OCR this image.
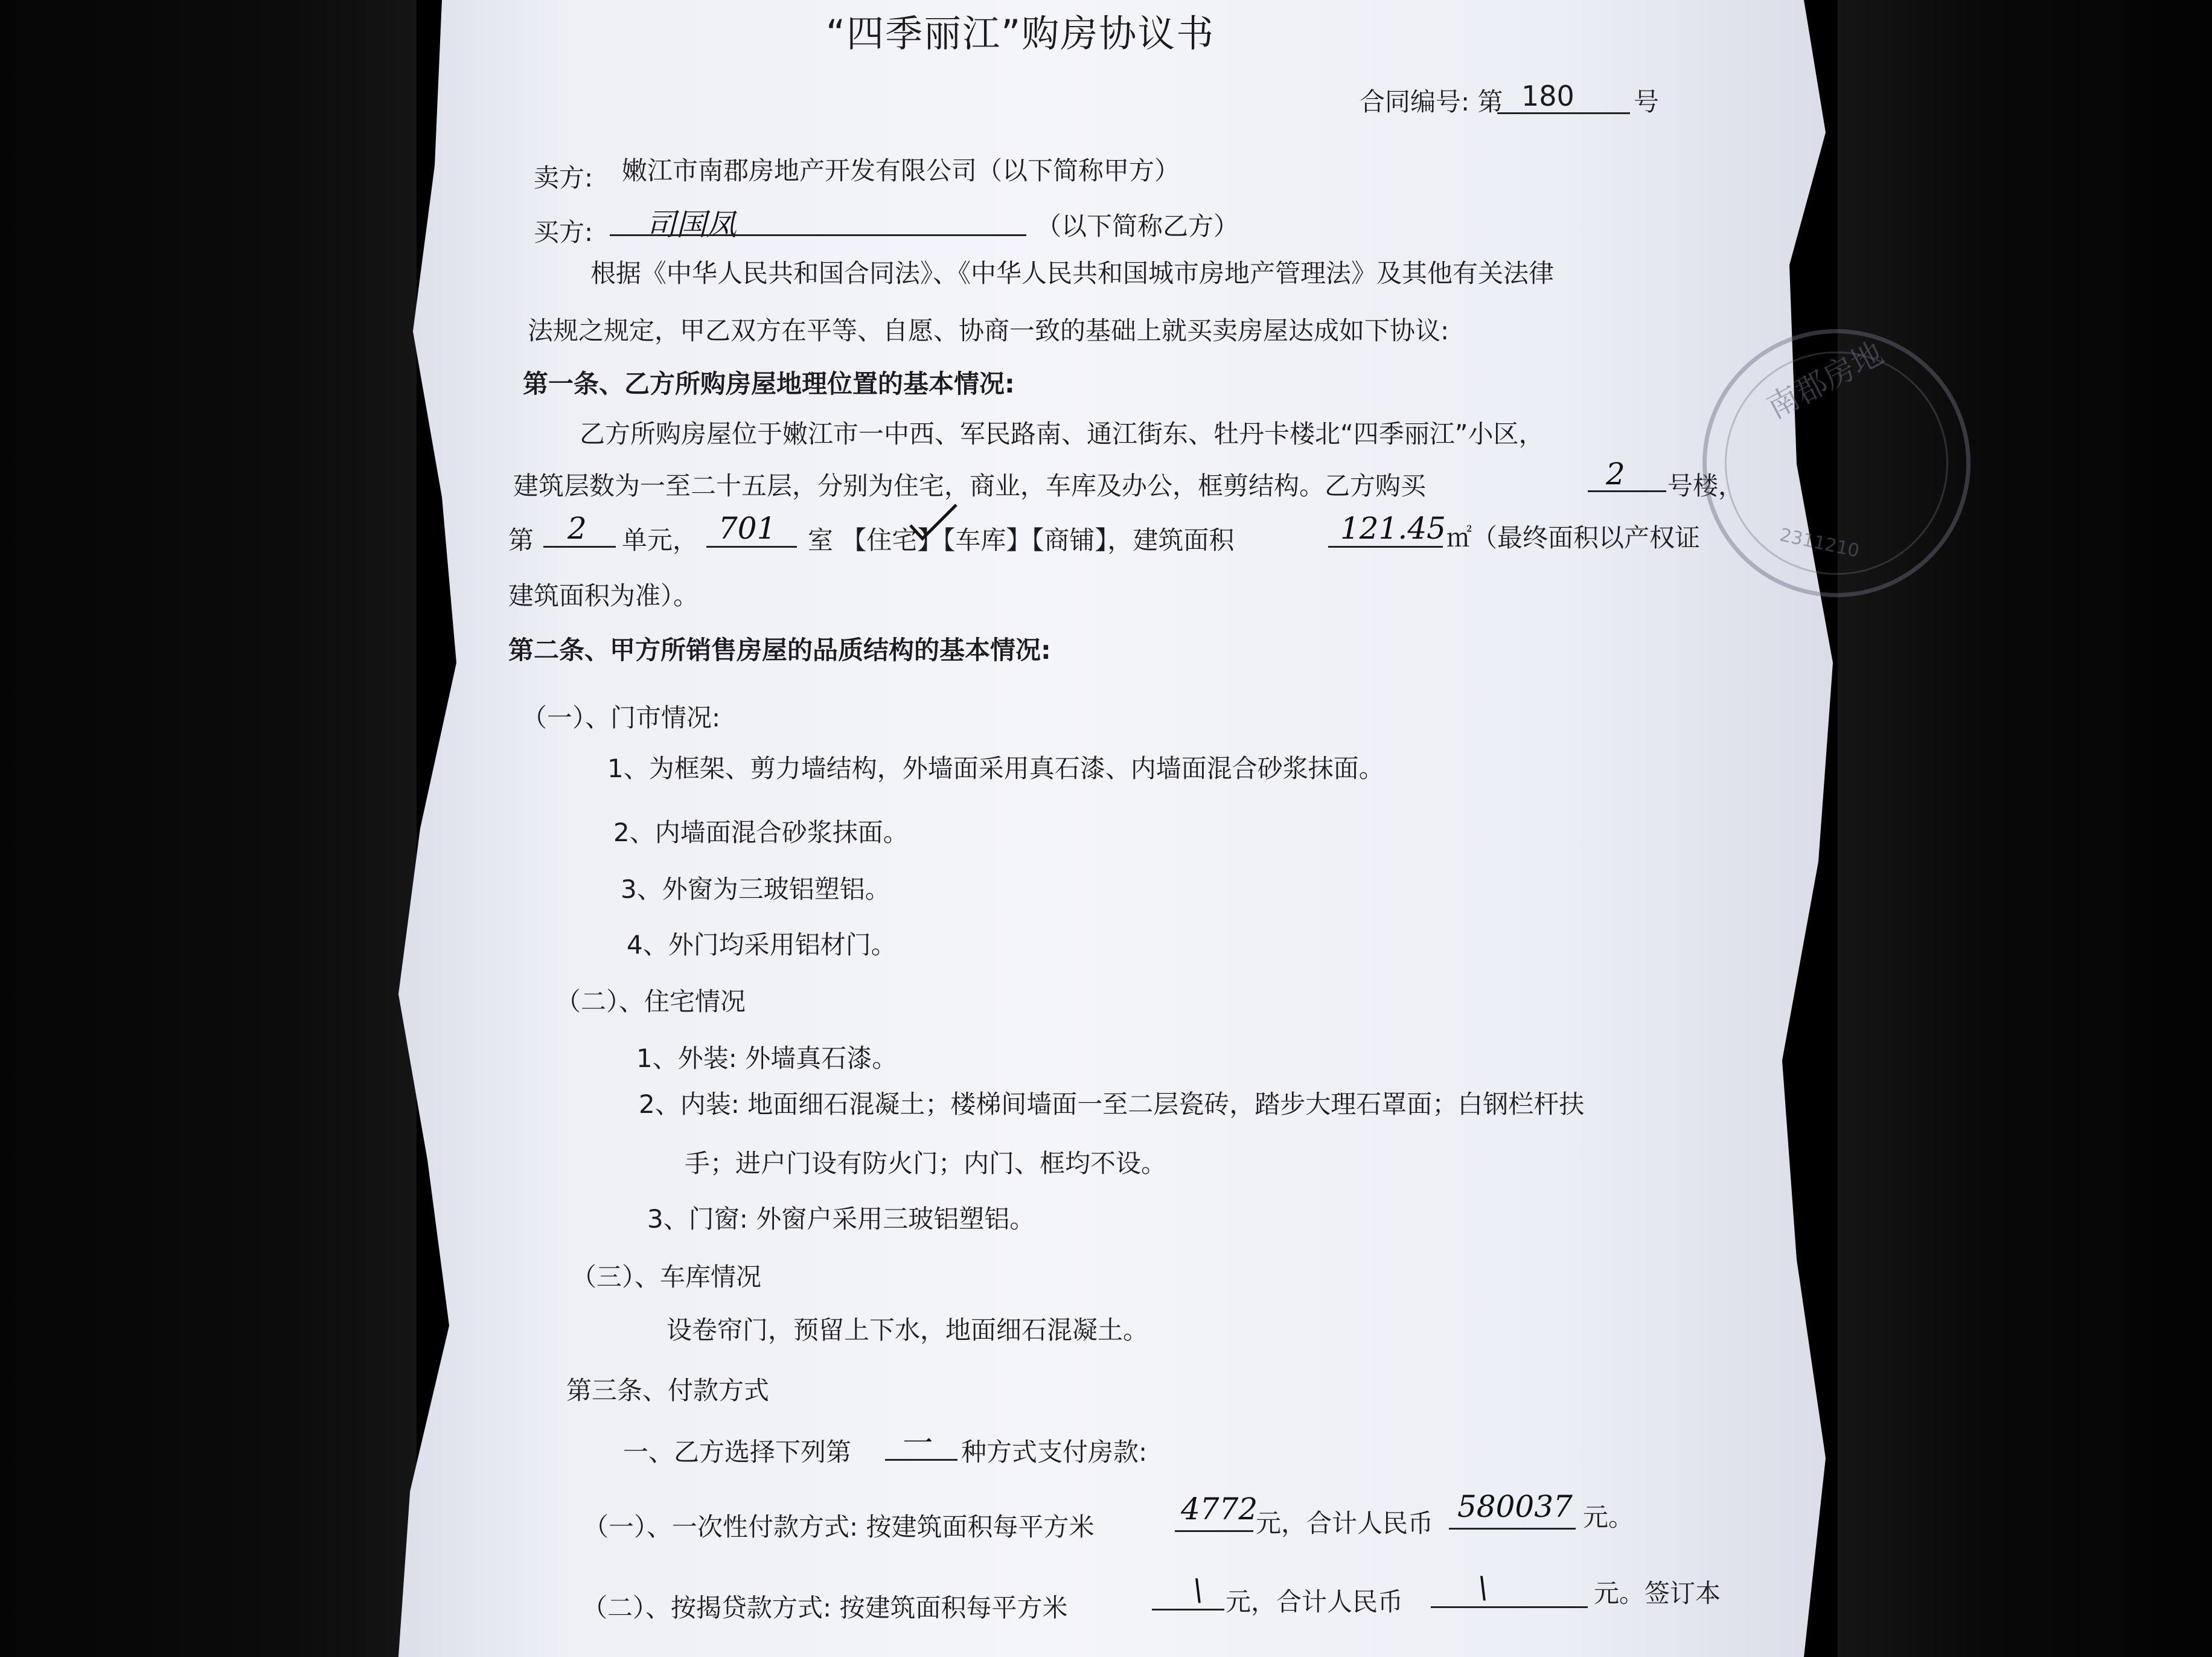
“四季丽江”购房协议书
合同编号: 第 180 号
卖方: 嫩江市南郡房地产开发有限公司（以下简称甲方）
买方: 司国凤	（以下简称乙方）
根据《中华人民共和国合同法》、《中华人民共和国城市房地产管理法》及其他有关法律
法规之规定，甲乙双方在平等、自愿、协商一致的基础上就买卖房屋达成如下协议:
第一条、乙方所购房屋地理位置的基本情况:
乙方所购房屋位于嫩江市一中西、军民路南、通江街东、牡丹卡楼北“四季丽江”小区，
建筑层数为一至二十五层，分别为住宅，商业，车库及办公，框剪结构。乙方购买	2 号楼，
第 2 单元， 701 室 【住宅】【车库】【商铺】，建筑面积	121.45 ㎡（最终面积以产权证
建筑面积为准）。
南郡房地
2311210
第二条、甲方所销售房屋的品质结构的基本情况:
（一）、门市情况:
1、为框架、剪力墙结构，外墙面采用真石漆、内墙面混合砂浆抹面。
2、内墙面混合砂浆抹面。
3、外窗为三玻铝塑铝。
4、外门均采用铝材门。
（二）、住宅情况
1、外装: 外墙真石漆。
2、内装: 地面细石混凝土；楼梯间墙面一至二层瓷砖，踏步大理石罩面；白钢栏杆扶
手；进户门设有防火门；内门、框均不设。
3、门窗: 外窗户采用三玻铝塑铝。
（三）、车库情况
设卷帘门，预留上下水，地面细石混凝土。
第三条、付款方式
一、乙方选择下列第 一 种方式支付房款:
（一）、一次性付款方式: 按建筑面积每平方米
4772
元，合计人民币 580037 元。
（二）、按揭贷款方式: 按建筑面积每平方米
\ 元，合计人民币 \	元。签订本
